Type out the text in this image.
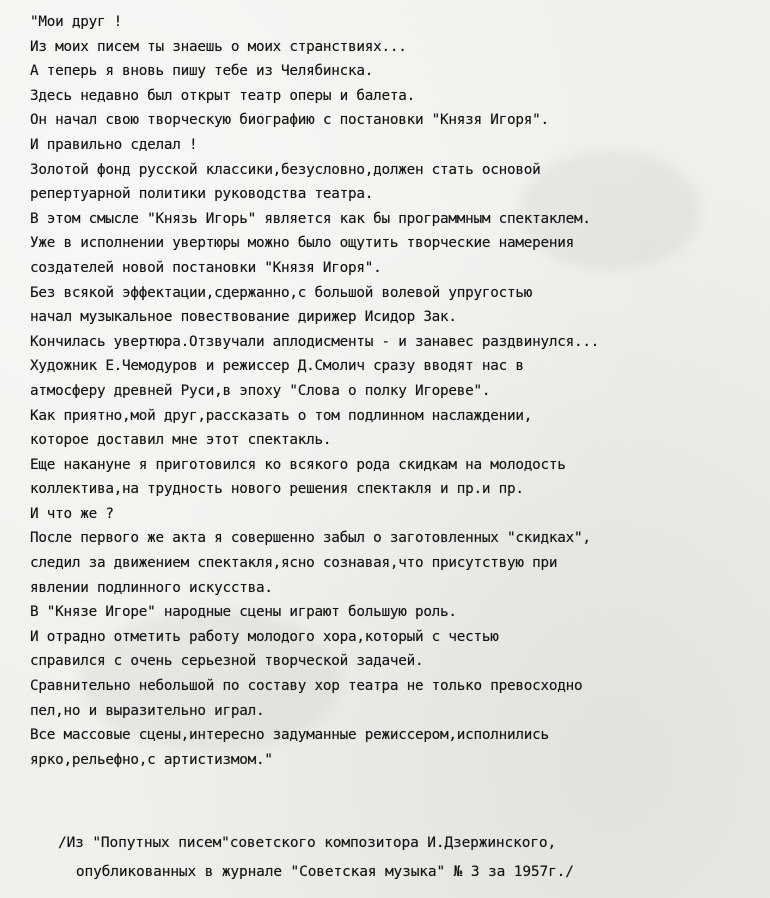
"Мои друг !
Из моих писем ты знаешь о моих странствиях...
А теперь я вновь пишу тебе из Челябинска.
Здесь недавно был открыт театр оперы и балета.
Он начал свою творческую биографию с постановки "Князя Игоря".
И правильно сделал !
Золотой фонд русской классики,безусловно,должен стать основой
репертуарной политики руководства театра.
В этом смысле "Князь Игорь" является как бы программным спектаклем.
Уже в исполнении увертюры можно было ощутить творческие намерения
создателей новой постановки "Князя Игоря".
Без всякой эффектации,сдержанно,с большой волевой упругостью
начал музыкальное повествование дирижер Исидор Зак.
Кончилась увертюра.Отзвучали аплодисменты - и занавес раздвинулся...
Художник Е.Чемодуров и режиссер Д.Смолич сразу вводят нас в
атмосферу древней Руси,в эпоху "Слова о полку Игореве".
Как приятно,мой друг,рассказать о том подлинном наслаждении,
которое доставил мне этот спектакль.
Еще накануне я приготовился ко всякого рода скидкам на молодость
коллектива,на трудность нового решения спектакля и пр.и пр.
И что же ?
После первого же акта я совершенно забыл о заготовленных "скидках",
следил за движением спектакля,ясно сознавая,что присутствую при
явлении подлинного искусства.
В "Князе Игоре" народные сцены играют большую роль.
И отрадно отметить работу молодого хора,который с честью
справился с очень серьезной творческой задачей.
Сравнительно небольшой по составу хор театра не только превосходно
пел,но и выразительно играл.
Все массовые сцены,интересно задуманные режиссером,исполнились
ярко,рельефно,с артистизмом."
/Из "Попутных писем"советского композитора И.Дзержинского,
опубликованных в журнале "Советская музыка" № 3 за 1957г./
